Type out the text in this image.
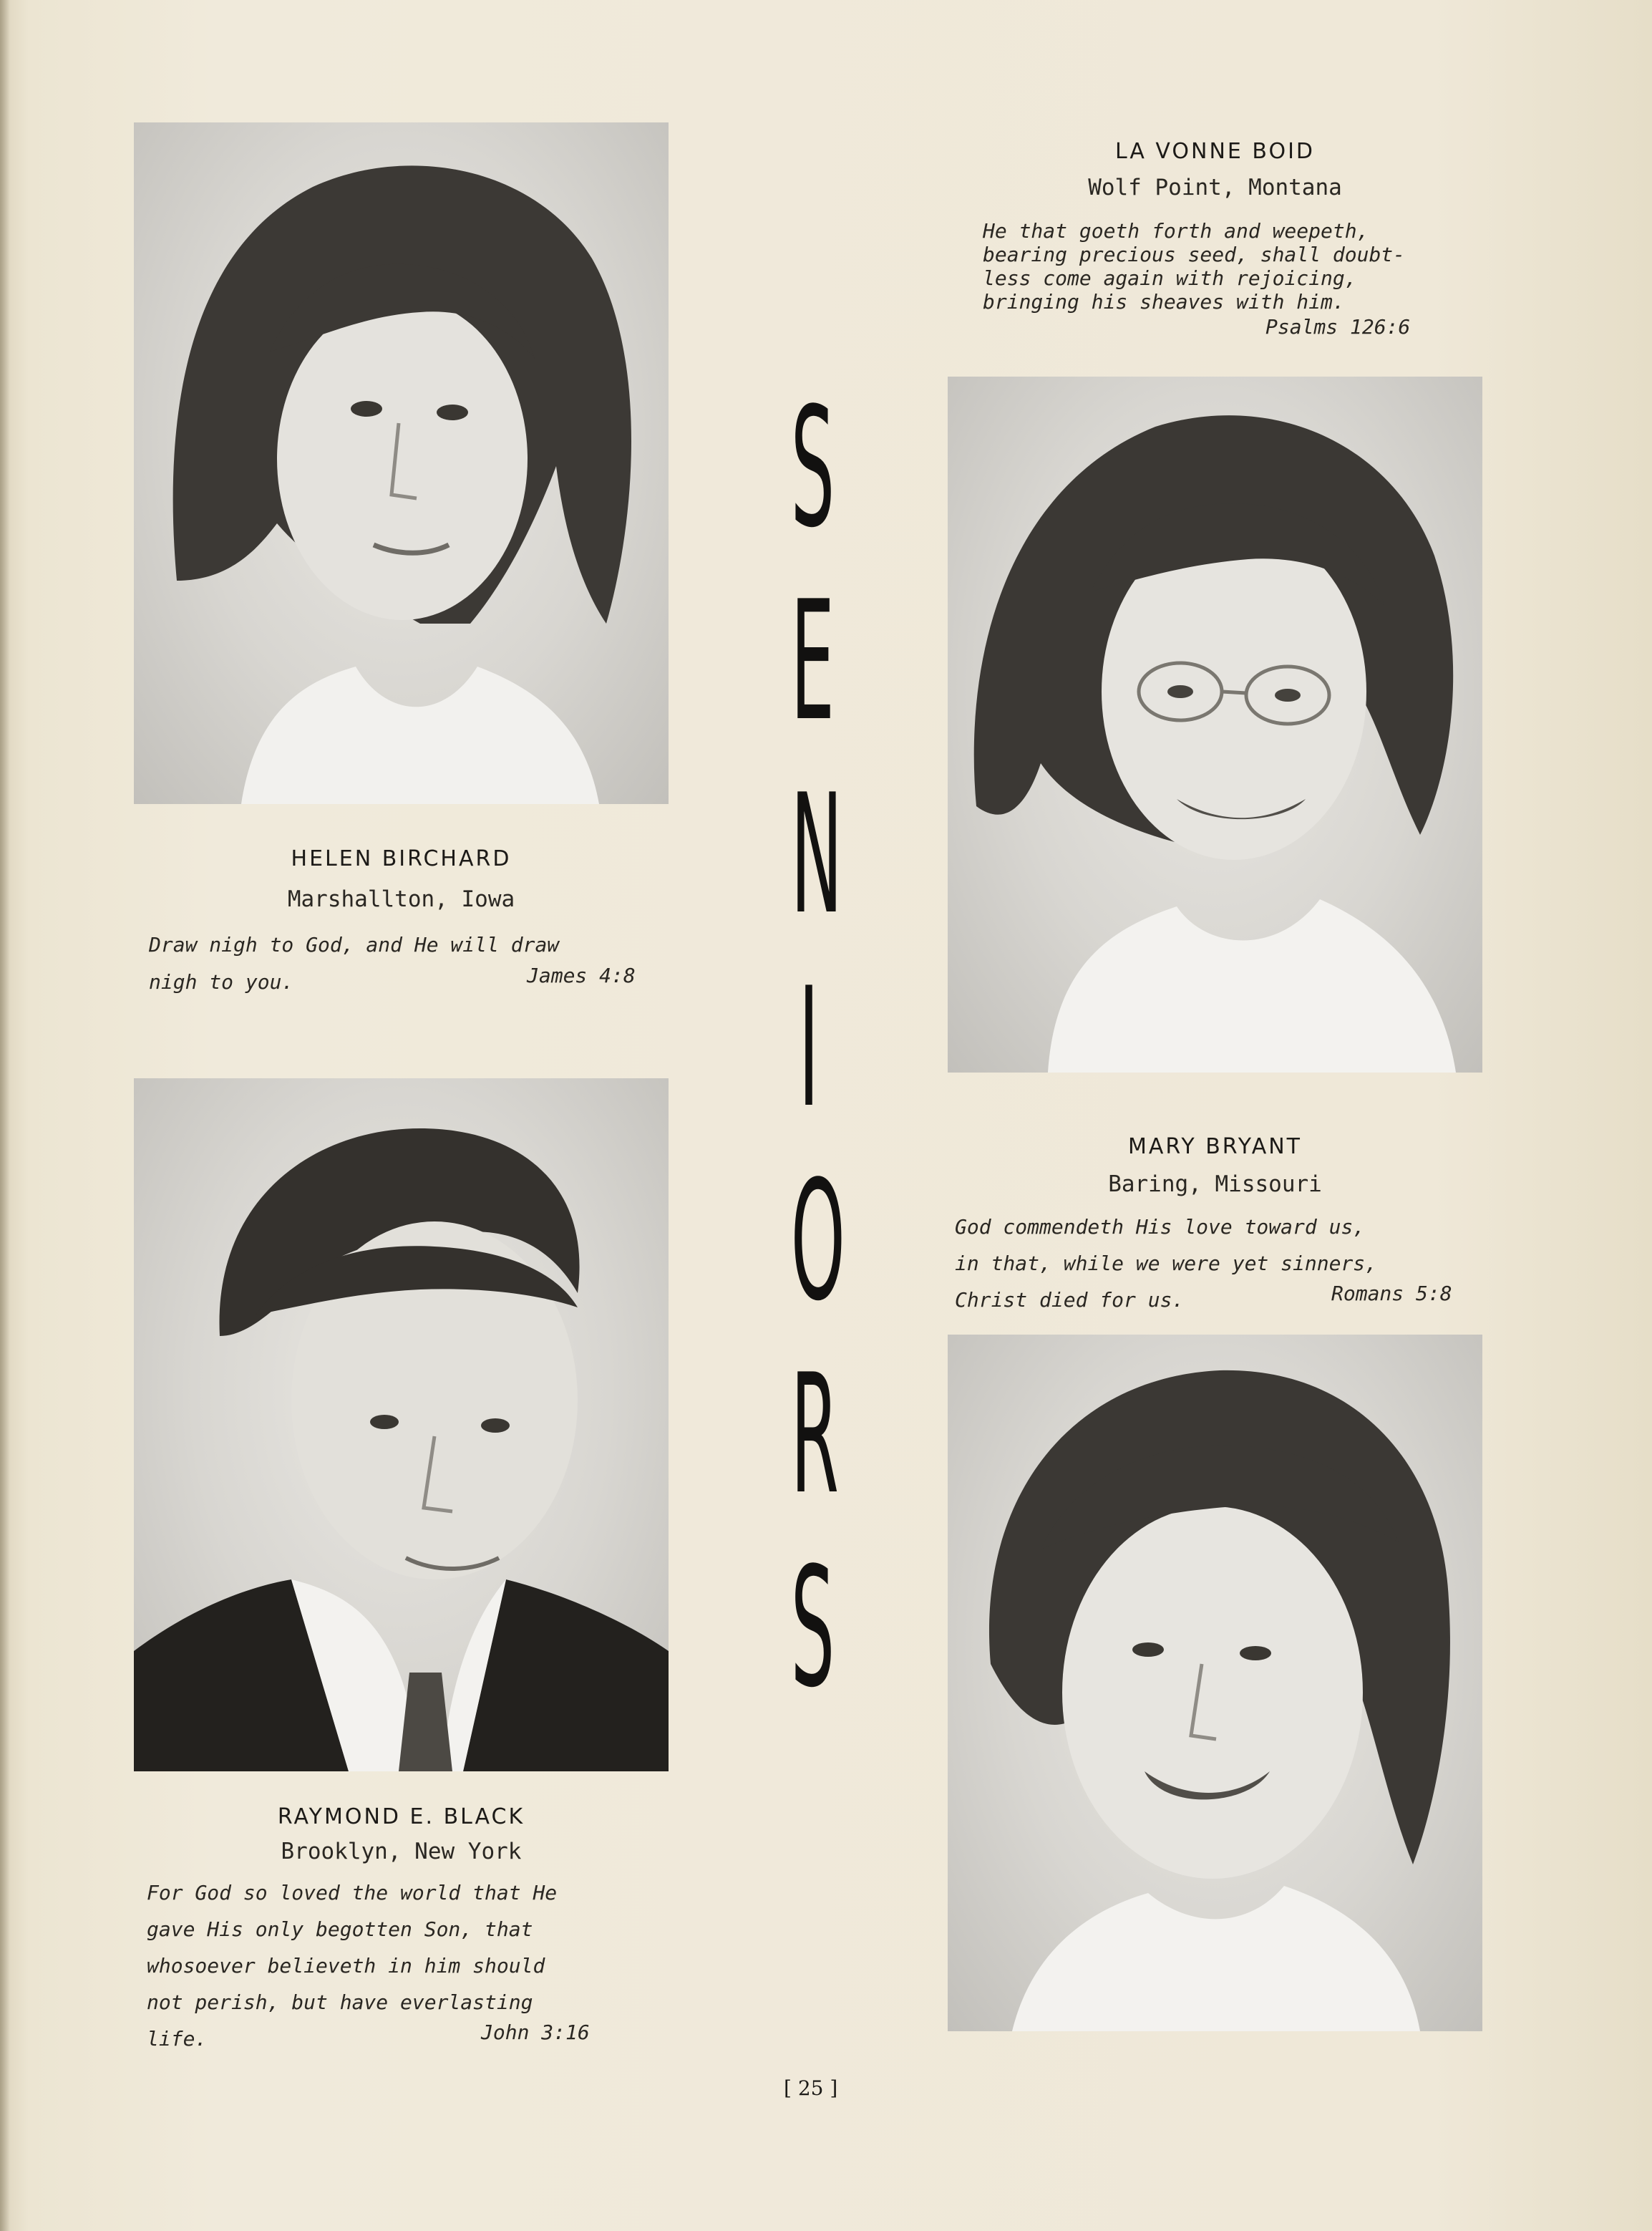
S
E
N
I
O
R
S
HELEN BIRCHARD
Marshallton, Iowa
Draw nigh to God, and He will draw
nigh to you.	James 4:8
LA VONNE BOID
Wolf Point, Montana
He that goeth forth and weepeth,
bearing precious seed, shall doubt-
less come again with rejoicing,
bringing his sheaves with him.
Psalms 126:6
RAYMOND E. BLACK
Brooklyn, New York
For God so loved the world that He
gave His only begotten Son, that
whosoever believeth in him should
not perish, but have everlasting
life.	John 3:16
MARY BRYANT
Baring, Missouri
God commendeth His love toward us,
in that, while we were yet sinners,
Christ died for us.	Romans 5:8
[ 25 ]
